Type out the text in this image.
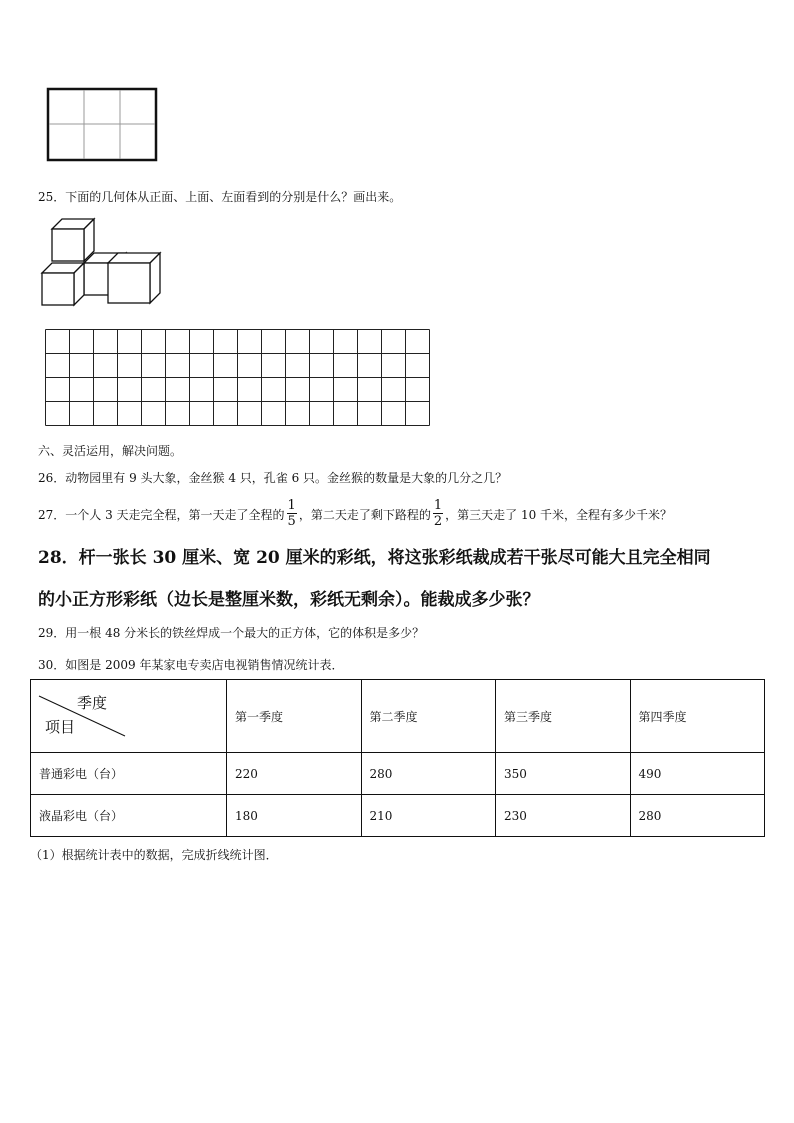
25．下面的几何体从正面、上面、左面看到的分别是什么？画出来。
六、灵活运用，解决问题。
26．动物园里有 9 头大象，金丝猴 4 只，孔雀 6 只。金丝猴的数量是大象的几分之几？
27．一个人 3 天走完全程，第一天走了全程的 $\frac{1}{5}$ ，第二天走了剩下路程的 $\frac{1}{2}$ ，第三天走了 10 千米，全程有多少千米？
28．杆一张长 30 厘米、宽 20 厘米的彩纸，将这张彩纸裁成若干张尽可能大且完全相同
的小正方形彩纸（边长是整厘米数，彩纸无剩余）。能裁成多少张？
29．用一根 48 分米长的铁丝焊成一个最大的正方体，它的体积是多少？
30．如图是 2009 年某家电专卖店电视销售情况统计表．
季度
项目	第一季度	第二季度	第三季度	第四季度
普通彩电（台）	220	280	350	490
液晶彩电（台）	180	210	230	280
（1）根据统计表中的数据，完成折线统计图．
